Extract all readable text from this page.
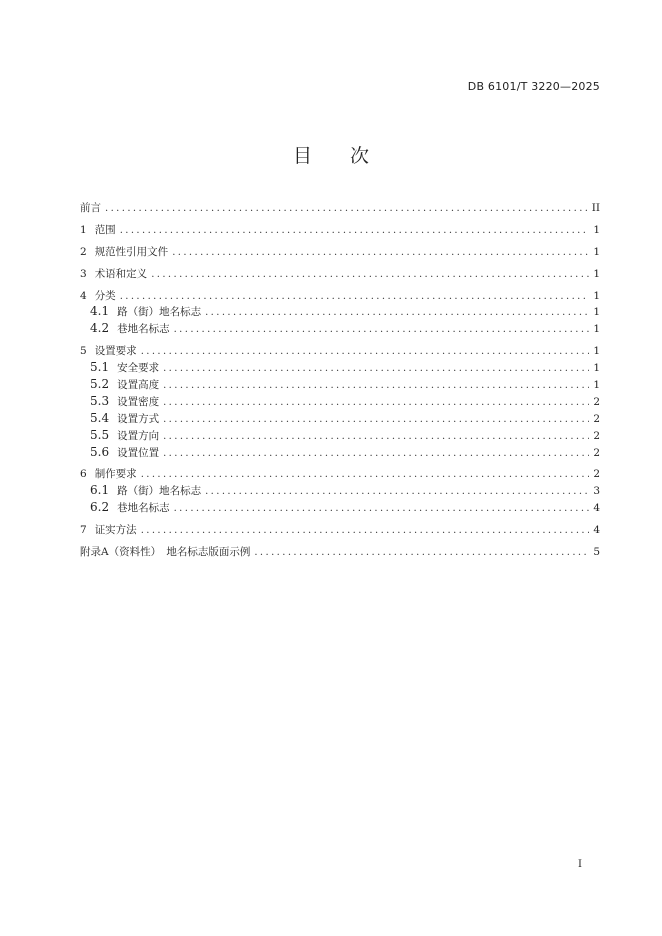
DB 6101/T 3220—2025
目　　次
前言 .....	II
1 范围 .....	1
2 规范性引用文件 .....	1
3 术语和定义 .....	1
4 分类 .....	1
4.1 路（街）地名标志 .....	1
4.2 巷地名标志 .....	1
5 设置要求 .....	1
5.1 安全要求 .....	1
5.2 设置高度 .....	1
5.3 设置密度 .....	2
5.4 设置方式 .....	2
5.5 设置方向 .....	2
5.6 设置位置 .....	2
6 制作要求 .....	2
6.1 路（街）地名标志 .....	3
6.2 巷地名标志 .....	4
7 证实方法 .....	4
附录A（资料性）　地名标志版面示例 .....	5
I
